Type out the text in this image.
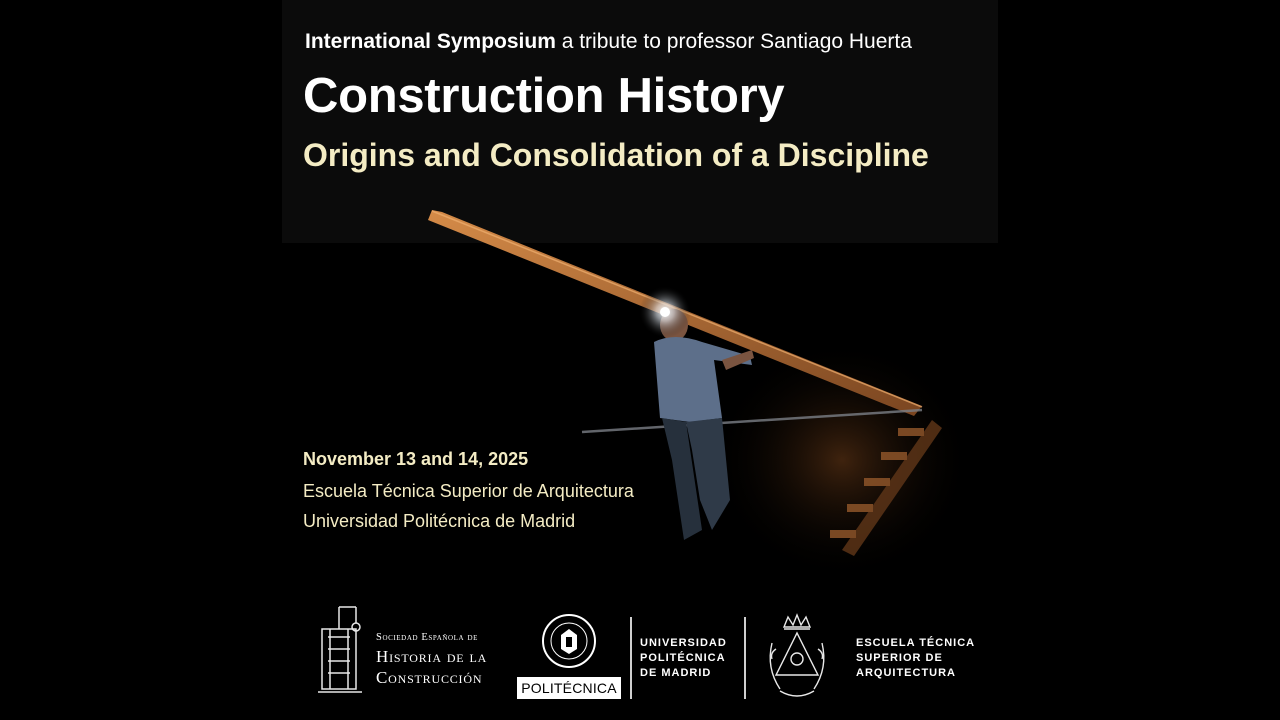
International Symposium a tribute to professor Santiago Huerta
Construction History
Origins and Consolidation of a Discipline
November 13 and 14, 2025
Escuela Técnica Superior de Arquitectura
Universidad Politécnica de Madrid
Sociedad Española de
Historia de la
Construcción
POLITÉCNICA
UNIVERSIDAD
POLITÉCNICA
DE MADRID
ESCUELA TÉCNICA
SUPERIOR DE
ARQUITECTURA
